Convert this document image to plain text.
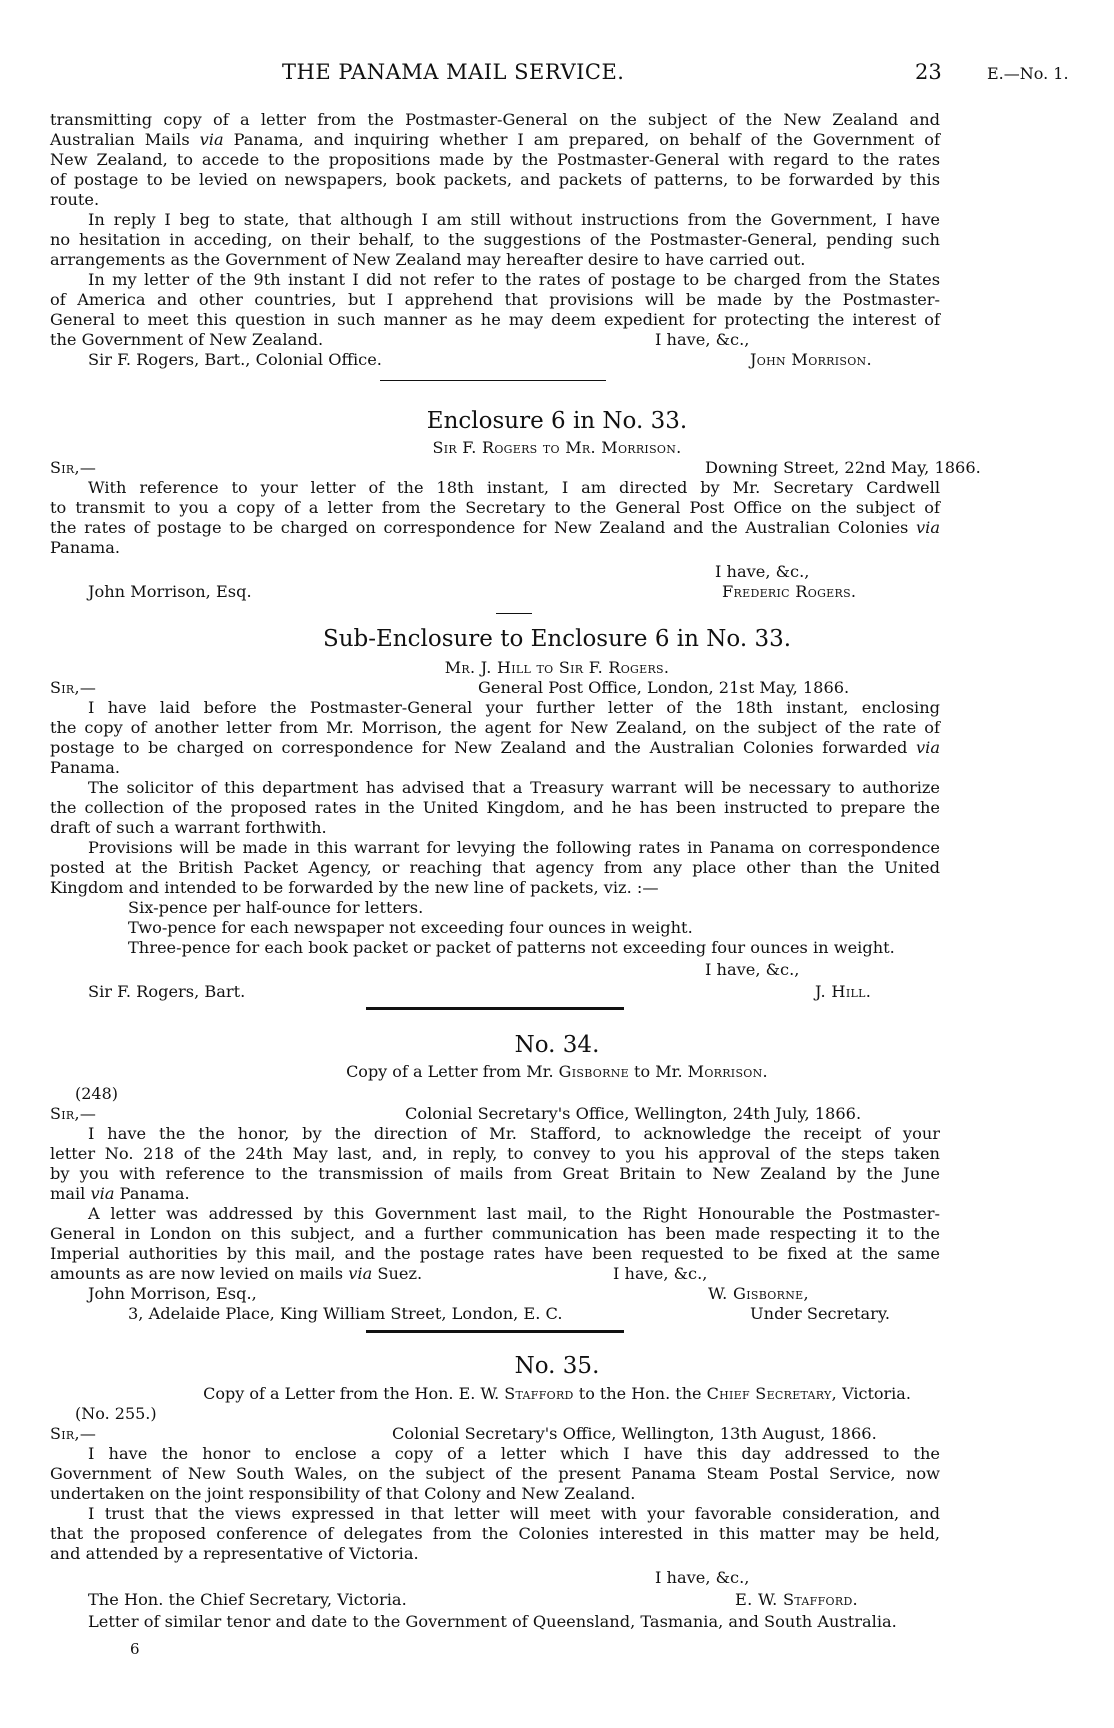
THE PANAMA MAIL SERVICE.	23	E.—No. 1.
transmitting copy of a letter from the Postmaster-General on the subject of the New Zealand and
Australian Mails via Panama, and inquiring whether I am prepared, on behalf of the Government of
New Zealand, to accede to the propositions made by the Postmaster-General with regard to the rates
of postage to be levied on newspapers, book packets, and packets of patterns, to be forwarded by this
route.
In reply I beg to state, that although I am still without instructions from the Government, I have
no hesitation in acceding, on their behalf, to the suggestions of the Postmaster-General, pending such
arrangements as the Government of New Zealand may hereafter desire to have carried out.
In my letter of the 9th instant I did not refer to the rates of postage to be charged from the States
of America and other countries, but I apprehend that provisions will be made by the Postmaster-
General to meet this question in such manner as he may deem expedient for protecting the interest of
the Government of New Zealand.	I have, &c.,
Sir F. Rogers, Bart., Colonial Office.	John Morrison.
Enclosure 6 in No. 33.
Sir F. Rogers to Mr. Morrison.
Sir,—	Downing Street, 22nd May, 1866.
With reference to your letter of the 18th instant, I am directed by Mr. Secretary Cardwell
to transmit to you a copy of a letter from the Secretary to the General Post Office on the subject of
the rates of postage to be charged on correspondence for New Zealand and the Australian Colonies via
Panama.
I have, &c.,
John Morrison, Esq.	Frederic Rogers.
Sub-Enclosure to Enclosure 6 in No. 33.
Mr. J. Hill to Sir F. Rogers.
Sir,—	General Post Office, London, 21st May, 1866.
I have laid before the Postmaster-General your further letter of the 18th instant, enclosing
the copy of another letter from Mr. Morrison, the agent for New Zealand, on the subject of the rate of
postage to be charged on correspondence for New Zealand and the Australian Colonies forwarded via
Panama.
The solicitor of this department has advised that a Treasury warrant will be necessary to authorize
the collection of the proposed rates in the United Kingdom, and he has been instructed to prepare the
draft of such a warrant forthwith.
Provisions will be made in this warrant for levying the following rates in Panama on correspondence
posted at the British Packet Agency, or reaching that agency from any place other than the United
Kingdom and intended to be forwarded by the new line of packets, viz. :—
Six-pence per half-ounce for letters.
Two-pence for each newspaper not exceeding four ounces in weight.
Three-pence for each book packet or packet of patterns not exceeding four ounces in weight.
I have, &c.,
Sir F. Rogers, Bart.	J. Hill.
No. 34.
Copy of a Letter from Mr. Gisborne to Mr. Morrison.
(248)
Sir,—	Colonial Secretary's Office, Wellington, 24th July, 1866.
I have the the honor, by the direction of Mr. Stafford, to acknowledge the receipt of your
letter No. 218 of the 24th May last, and, in reply, to convey to you his approval of the steps taken
by you with reference to the transmission of mails from Great Britain to New Zealand by the June
mail via Panama.
A letter was addressed by this Government last mail, to the Right Honourable the Postmaster-
General in London on this subject, and a further communication has been made respecting it to the
Imperial authorities by this mail, and the postage rates have been requested to be fixed at the same
amounts as are now levied on mails via Suez.	I have, &c.,
John Morrison, Esq.,	W. Gisborne,
3, Adelaide Place, King William Street, London, E. C.	Under Secretary.
No. 35.
Copy of a Letter from the Hon. E. W. Stafford to the Hon. the Chief Secretary, Victoria.
(No. 255.)
Sir,—	Colonial Secretary's Office, Wellington, 13th August, 1866.
I have the honor to enclose a copy of a letter which I have this day addressed to the
Government of New South Wales, on the subject of the present Panama Steam Postal Service, now
undertaken on the joint responsibility of that Colony and New Zealand.
I trust that the views expressed in that letter will meet with your favorable consideration, and
that the proposed conference of delegates from the Colonies interested in this matter may be held,
and attended by a representative of Victoria.
I have, &c.,
The Hon. the Chief Secretary, Victoria.	E. W. Stafford.
Letter of similar tenor and date to the Government of Queensland, Tasmania, and South Australia.
6
